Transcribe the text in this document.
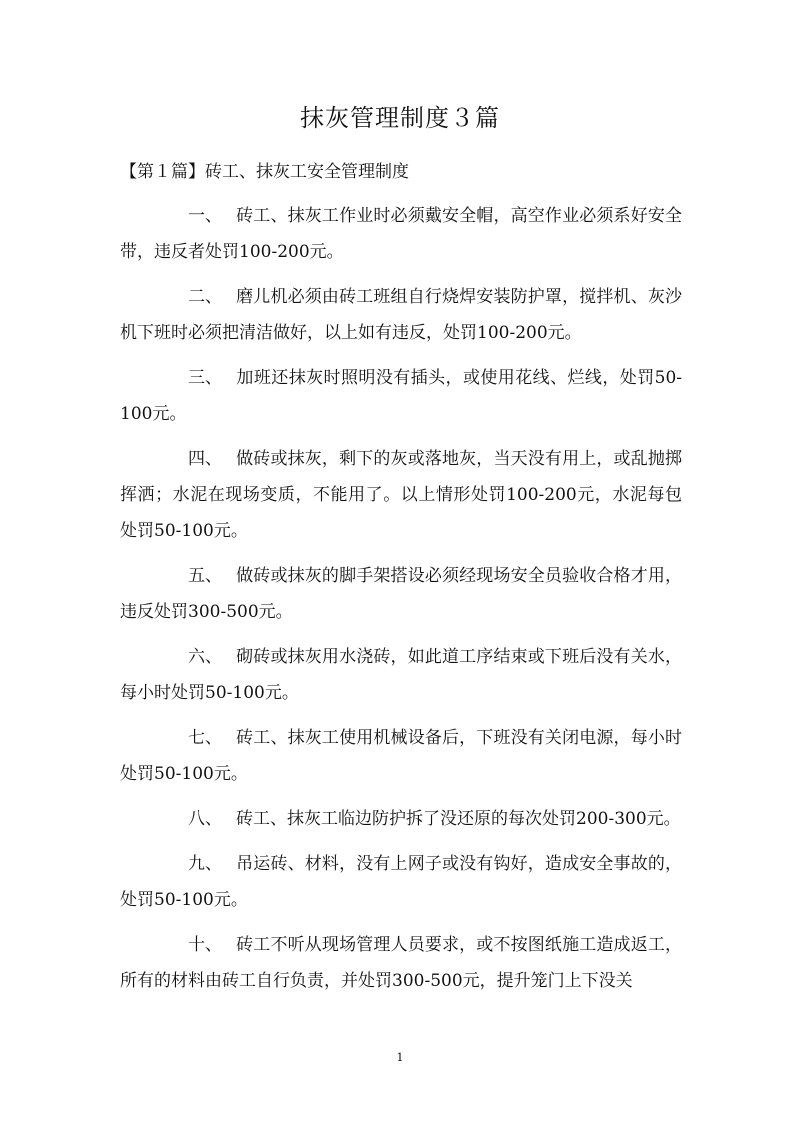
抹灰管理制度３篇
【第１篇】砖工、抹灰工安全管理制度

一、 砖工、抹灰工作业时必须戴安全帽，高空作业必须系好安全带，违反者处罚100-200元。

二、 磨儿机必须由砖工班组自行烧焊安装防护罩，搅拌机、灰沙机下班时必须把清洁做好，以上如有违反，处罚100-200元。

三、 加班还抹灰时照明没有插头，或使用花线、烂线，处罚50-100元。

四、 做砖或抹灰，剩下的灰或落地灰，当天没有用上，或乱抛掷挥洒；水泥在现场变质，不能用了。以上情形处罚100-200元，水泥每包处罚50-100元。

五、 做砖或抹灰的脚手架搭设必须经现场安全员验收合格才用，违反处罚300-500元。

六、 砌砖或抹灰用水浇砖，如此道工序结束或下班后没有关水，每小时处罚50-100元。

七、 砖工、抹灰工使用机械设备后，下班没有关闭电源，每小时处罚50-100元。

八、 砖工、抹灰工临边防护拆了没还原的每次处罚200-300元。

九、 吊运砖、材料，没有上网子或没有钩好，造成安全事故的，处罚50-100元。

十、 砖工不听从现场管理人员要求，或不按图纸施工造成返工，所有的材料由砖工自行负责，并处罚300-500元，提升笼门上下没关

1
